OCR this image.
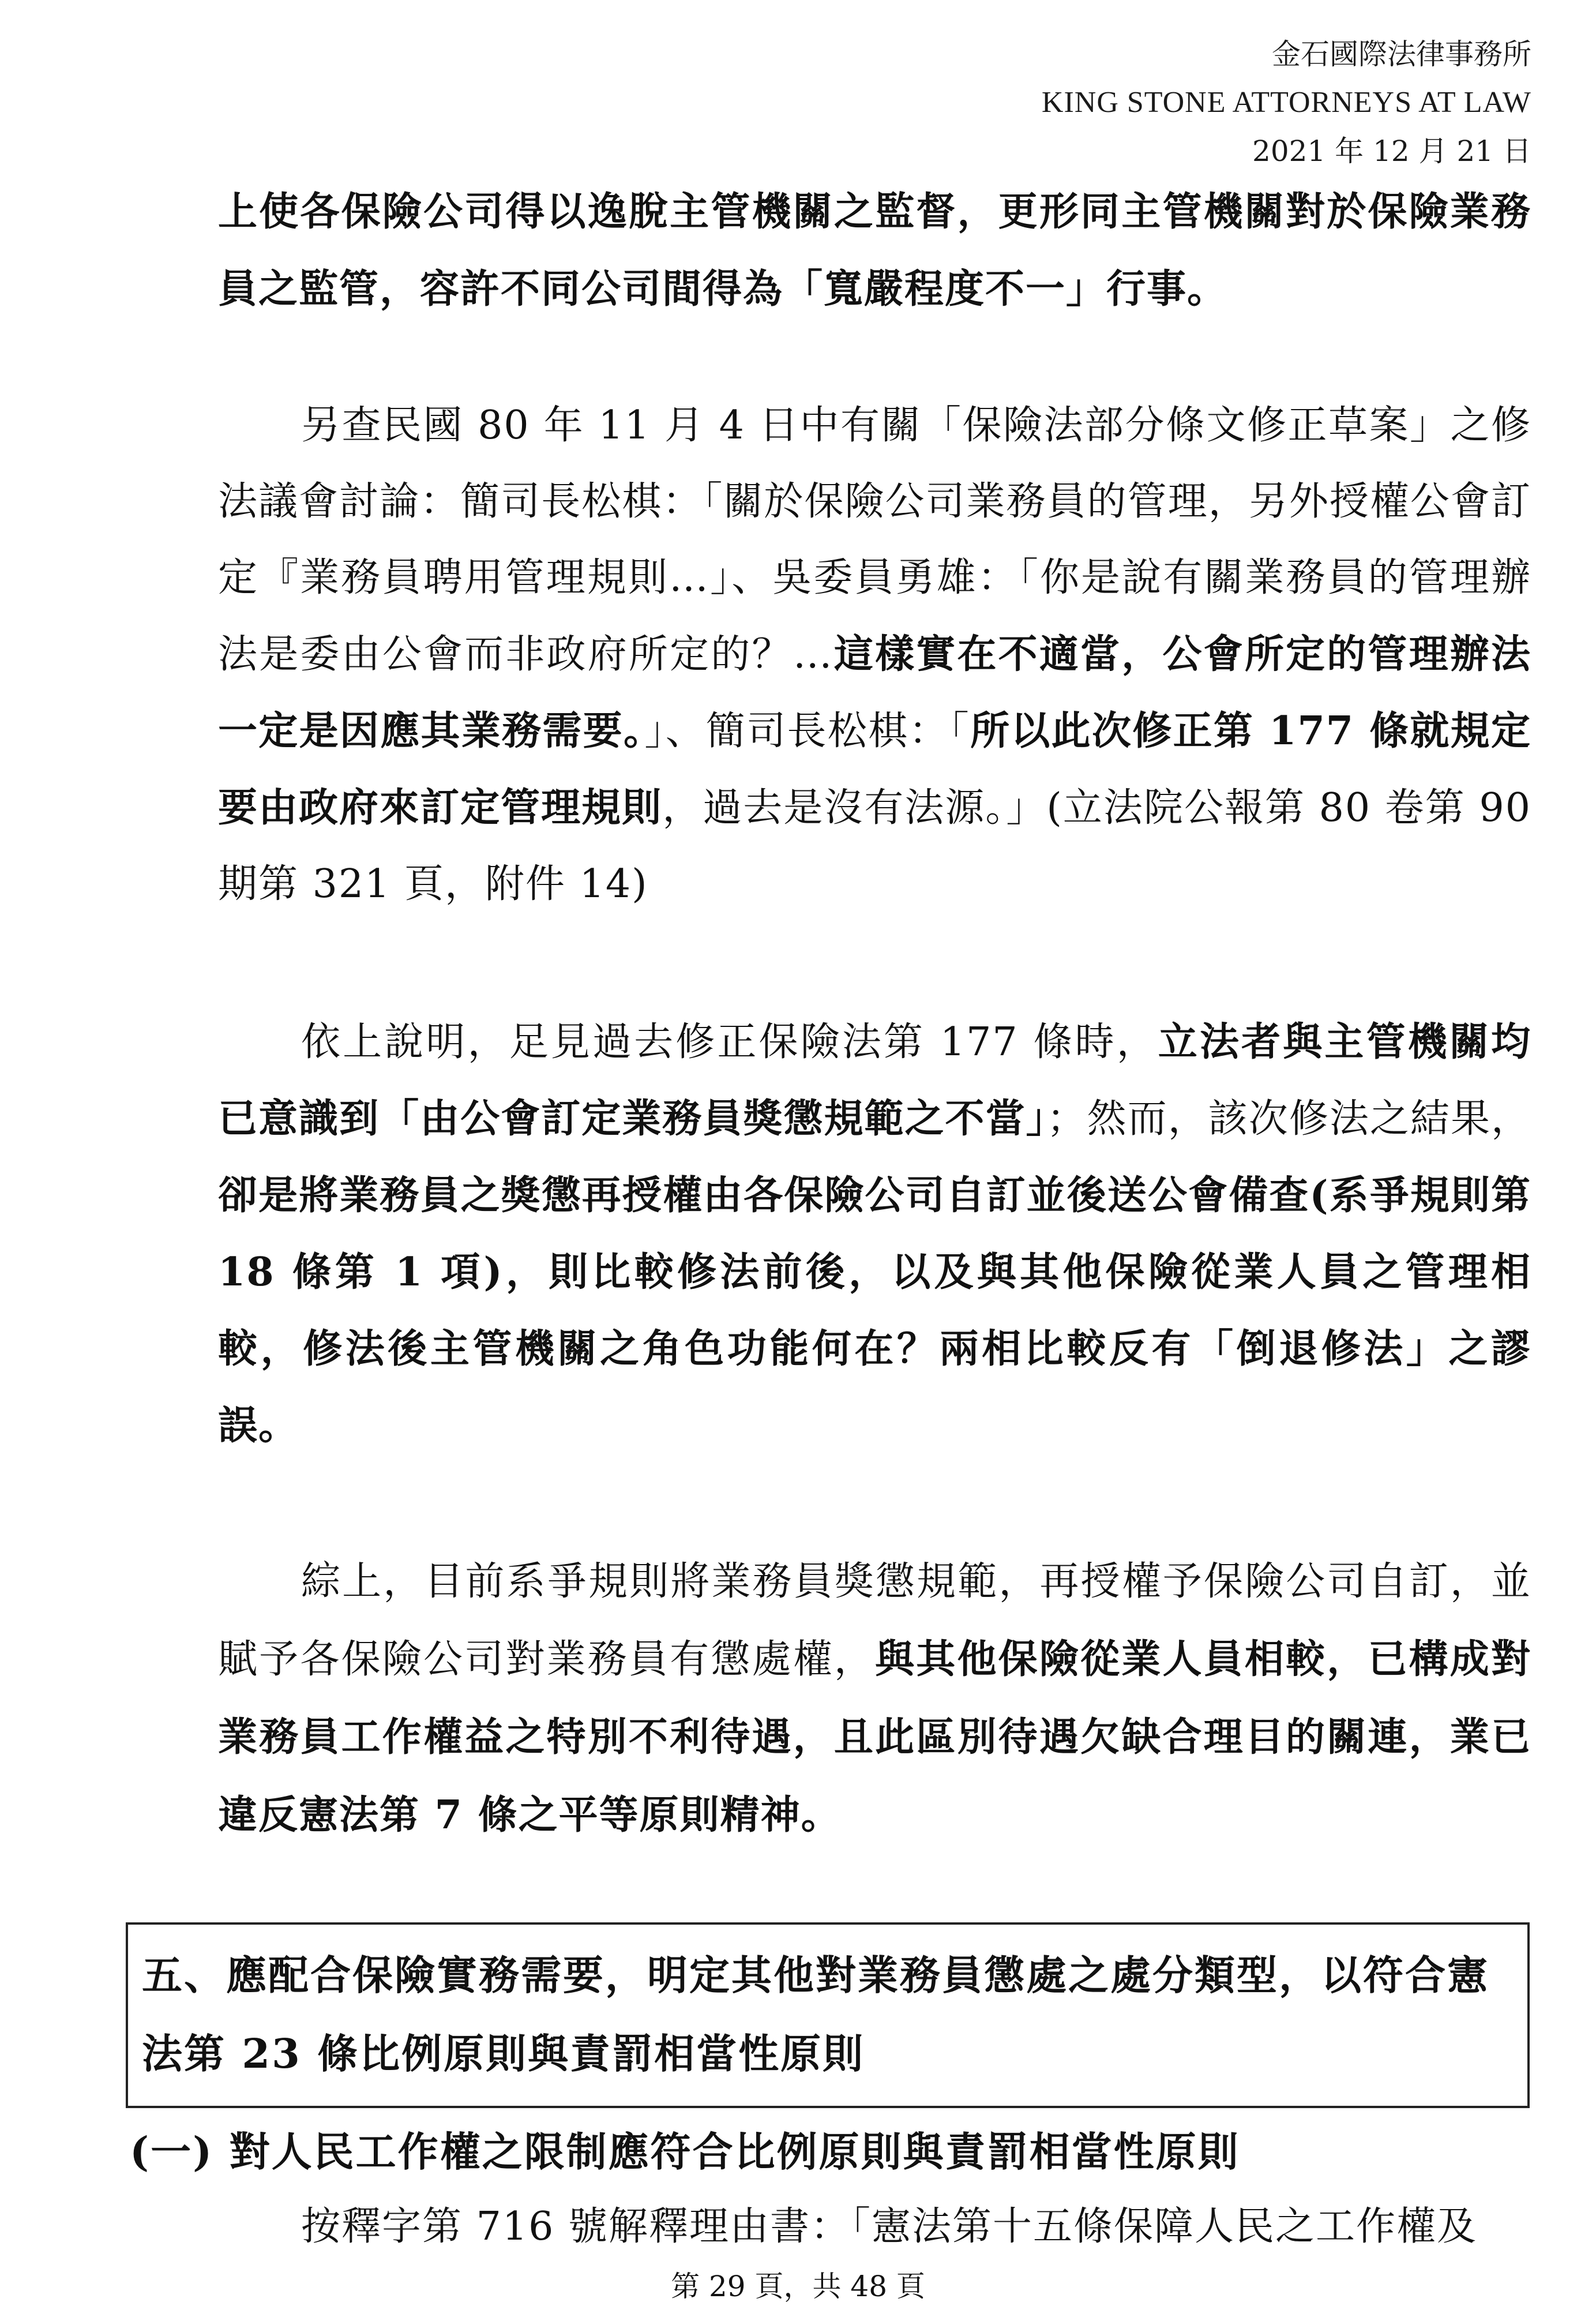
金石國際法律事務所
KING STONE ATTORNEYS AT LAW
2021 年 12 月 21 日

上使各保險公司得以逸脫主管機關之監督，更形同主管機關對於保險業務員之監管，容許不同公司間得為「寬嚴程度不一」行事。

另查民國 80 年 11 月 4 日中有關「保險法部分條文修正草案」之修法議會討論：簡司長松棋：「關於保險公司業務員的管理，另外授權公會訂定『業務員聘用管理規則…」、吳委員勇雄：「你是說有關業務員的管理辦法是委由公會而非政府所定的？…這樣實在不適當，公會所定的管理辦法一定是因應其業務需要。」、簡司長松棋：「所以此次修正第 177 條就規定要由政府來訂定管理規則，過去是沒有法源。」(立法院公報第 80 卷第 90 期第 321 頁，附件 14)

依上說明，足見過去修正保險法第 177 條時，立法者與主管機關均已意識到「由公會訂定業務員獎懲規範之不當」；然而，該次修法之結果，卻是將業務員之獎懲再授權由各保險公司自訂並後送公會備查(系爭規則第 18 條第 1 項)，則比較修法前後，以及與其他保險從業人員之管理相較，修法後主管機關之角色功能何在？兩相比較反有「倒退修法」之謬誤。

綜上，目前系爭規則將業務員獎懲規範，再授權予保險公司自訂，並賦予各保險公司對業務員有懲處權，與其他保險從業人員相較，已構成對業務員工作權益之特別不利待遇，且此區別待遇欠缺合理目的關連，業已違反憲法第 7 條之平等原則精神。

五、應配合保險實務需要，明定其他對業務員懲處之處分類型，以符合憲法第 23 條比例原則與責罰相當性原則
(一) 對人民工作權之限制應符合比例原則與責罰相當性原則
按釋字第 716 號解釋理由書：「憲法第十五條保障人民之工作權及
第 29 頁，共 48 頁
